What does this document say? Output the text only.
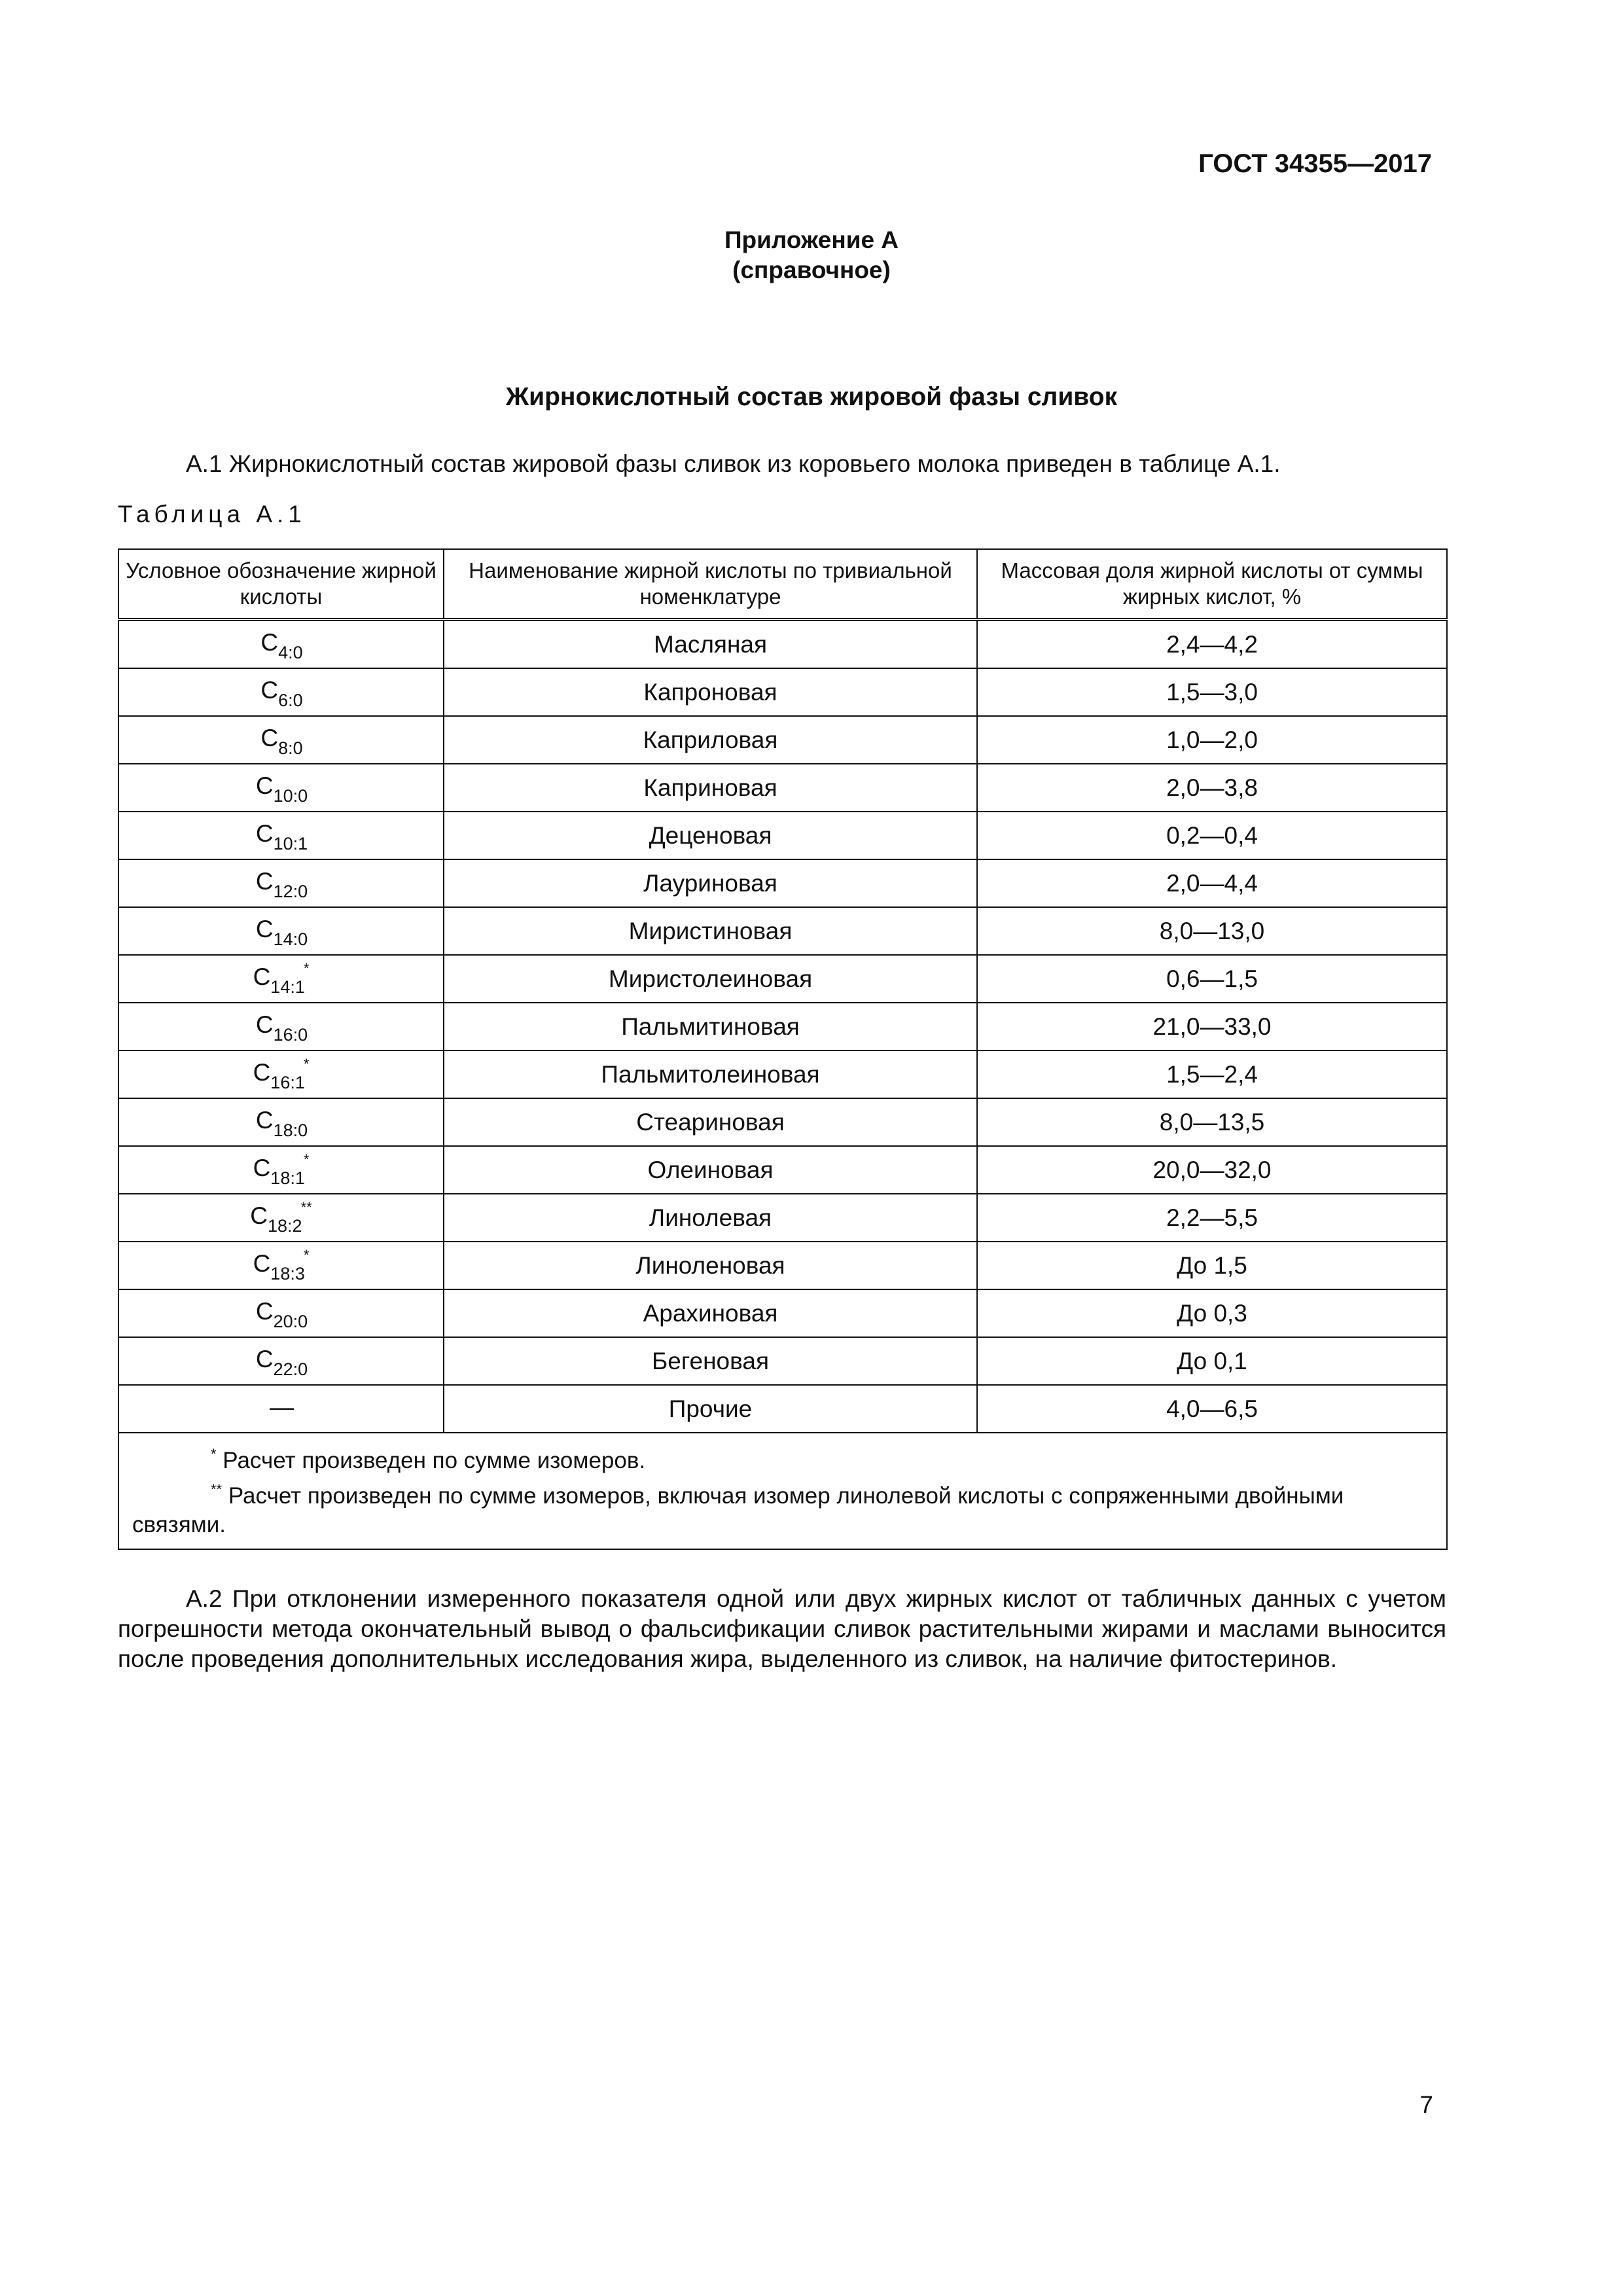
ГОСТ 34355—2017
Приложение А
(справочное)
Жирнокислотный состав жировой фазы сливок
А.1 Жирнокислотный состав жировой фазы сливок из коровьего молока приведен в таблице А.1.
Таблица А.1
Условное обозначение жирной кислоты	Наименование жирной кислоты по тривиальной номенклатуре	Массовая доля жирной кислоты от суммы жирных кислот, %
$C_{4:0}$	Масляная	2,4—4,2
$C_{6:0}$	Капроновая	1,5—3,0
$C_{8:0}$	Каприловая	1,0—2,0
$C_{10:0}$	Каприновая	2,0—3,8
$C_{10:1}$	Деценовая	0,2—0,4
$C_{12:0}$	Лауриновая	2,0—4,4
$C_{14:0}$	Миристиновая	8,0—13,0
$C_{14:1}^*$	Миристолеиновая	0,6—1,5
$C_{16:0}$	Пальмитиновая	21,0—33,0
$C_{16:1}^*$	Пальмитолеиновая	1,5—2,4
$C_{18:0}$	Стеариновая	8,0—13,5
$C_{18:1}^*$	Олеиновая	20,0—32,0
$C_{18:2}^{**}$	Линолевая	2,2—5,5
$C_{18:3}^*$	Линоленовая	До 1,5
$C_{20:0}$	Арахиновая	До 0,3
$C_{22:0}$	Бегеновая	До 0,1
—	Прочие	4,0—6,5

* Расчет произведен по сумме изомеров.
** Расчет произведен по сумме изомеров, включая изомер линолевой кислоты с сопряженными двойными связями.		
А.2 При отклонении измеренного показателя одной или двух жирных кислот от табличных данных с учетом погрешности метода окончательный вывод о фальсификации сливок растительными жирами и маслами выносится после проведения дополнительных исследования жира, выделенного из сливок, на наличие фитостеринов.
7
